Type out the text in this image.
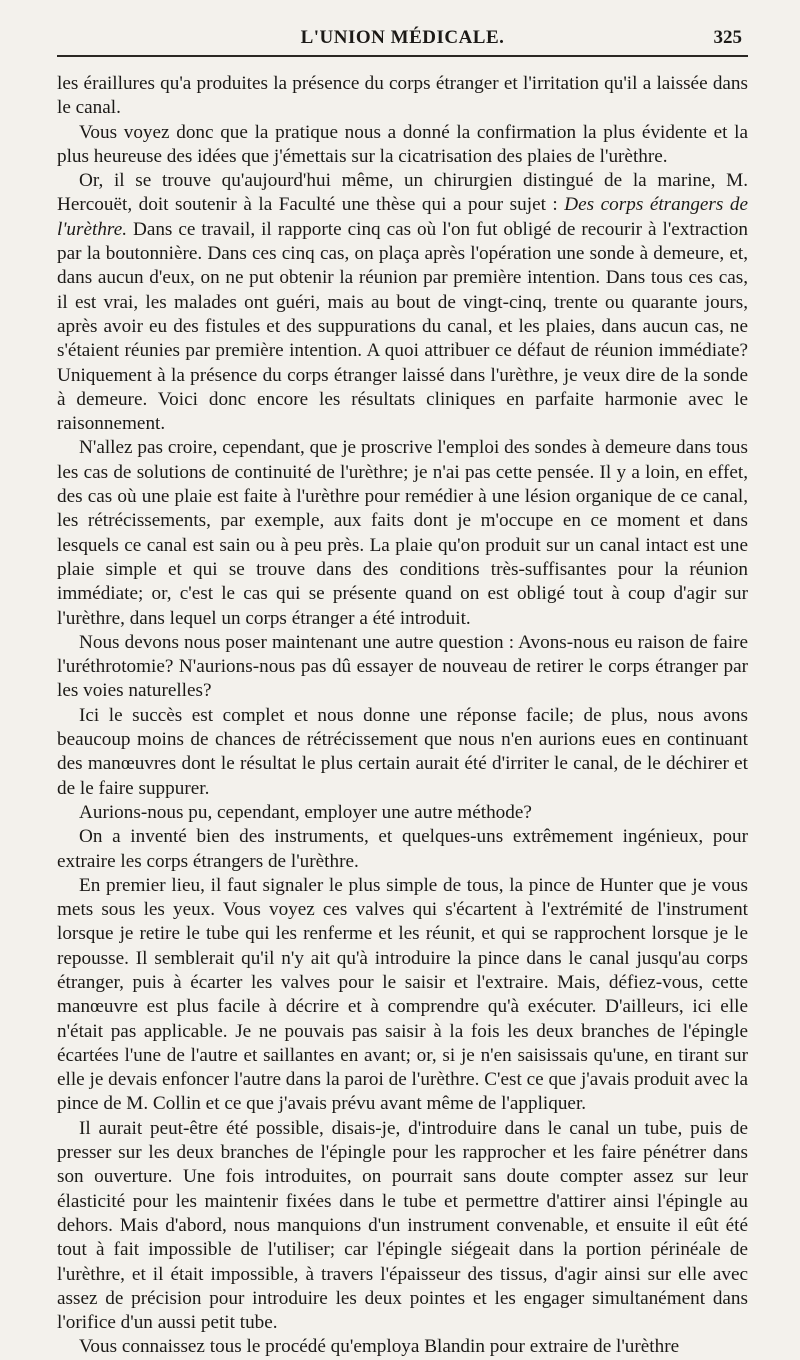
L'UNION MÉDICALE.	325

les éraillures qu'a produites la présence du corps étranger et l'irritation qu'il a laissée dans le canal.

Vous voyez donc que la pratique nous a donné la confirmation la plus évidente et la plus heureuse des idées que j'émettais sur la cicatrisation des plaies de l'urèthre.

Or, il se trouve qu'aujourd'hui même, un chirurgien distingué de la marine, M. Hercouët, doit soutenir à la Faculté une thèse qui a pour sujet : Des corps étrangers de l'urèthre. Dans ce travail, il rapporte cinq cas où l'on fut obligé de recourir à l'extraction par la boutonnière. Dans ces cinq cas, on plaça après l'opération une sonde à demeure, et, dans aucun d'eux, on ne put obtenir la réunion par première intention. Dans tous ces cas, il est vrai, les malades ont guéri, mais au bout de vingt-cinq, trente ou quarante jours, après avoir eu des fistules et des suppurations du canal, et les plaies, dans aucun cas, ne s'étaient réunies par première intention. A quoi attribuer ce défaut de réunion immédiate? Uniquement à la présence du corps étranger laissé dans l'urèthre, je veux dire de la sonde à demeure. Voici donc encore les résultats cliniques en parfaite harmonie avec le raisonnement.

N'allez pas croire, cependant, que je proscrive l'emploi des sondes à demeure dans tous les cas de solutions de continuité de l'urèthre; je n'ai pas cette pensée. Il y a loin, en effet, des cas où une plaie est faite à l'urèthre pour remédier à une lésion organique de ce canal, les rétrécissements, par exemple, aux faits dont je m'occupe en ce moment et dans lesquels ce canal est sain ou à peu près. La plaie qu'on produit sur un canal intact est une plaie simple et qui se trouve dans des conditions très-suffisantes pour la réunion immédiate; or, c'est le cas qui se présente quand on est obligé tout à coup d'agir sur l'urèthre, dans lequel un corps étranger a été introduit.

Nous devons nous poser maintenant une autre question : Avons-nous eu raison de faire l'uréthrotomie? N'aurions-nous pas dû essayer de nouveau de retirer le corps étranger par les voies naturelles?

Ici le succès est complet et nous donne une réponse facile; de plus, nous avons beaucoup moins de chances de rétrécissement que nous n'en aurions eues en continuant des manœuvres dont le résultat le plus certain aurait été d'irriter le canal, de le déchirer et de le faire suppurer.

Aurions-nous pu, cependant, employer une autre méthode?

On a inventé bien des instruments, et quelques-uns extrêmement ingénieux, pour extraire les corps étrangers de l'urèthre.

En premier lieu, il faut signaler le plus simple de tous, la pince de Hunter que je vous mets sous les yeux. Vous voyez ces valves qui s'écartent à l'extrémité de l'instrument lorsque je retire le tube qui les renferme et les réunit, et qui se rapprochent lorsque je le repousse. Il semblerait qu'il n'y ait qu'à introduire la pince dans le canal jusqu'au corps étranger, puis à écarter les valves pour le saisir et l'extraire. Mais, défiez-vous, cette manœuvre est plus facile à décrire et à comprendre qu'à exécuter. D'ailleurs, ici elle n'était pas applicable. Je ne pouvais pas saisir à la fois les deux branches de l'épingle écartées l'une de l'autre et saillantes en avant; or, si je n'en saisissais qu'une, en tirant sur elle je devais enfoncer l'autre dans la paroi de l'urèthre. C'est ce que j'avais produit avec la pince de M. Collin et ce que j'avais prévu avant même de l'appliquer.

Il aurait peut-être été possible, disais-je, d'introduire dans le canal un tube, puis de presser sur les deux branches de l'épingle pour les rapprocher et les faire pénétrer dans son ouverture. Une fois introduites, on pourrait sans doute compter assez sur leur élasticité pour les maintenir fixées dans le tube et permettre d'attirer ainsi l'épingle au dehors. Mais d'abord, nous manquions d'un instrument convenable, et ensuite il eût été tout à fait impossible de l'utiliser; car l'épingle siégeait dans la portion périnéale de l'urèthre, et il était impossible, à travers l'épaisseur des tissus, d'agir ainsi sur elle avec assez de précision pour introduire les deux pointes et les engager simultanément dans l'orifice d'un aussi petit tube.

Vous connaissez tous le procédé qu'employa Blandin pour extraire de l'urèthre
